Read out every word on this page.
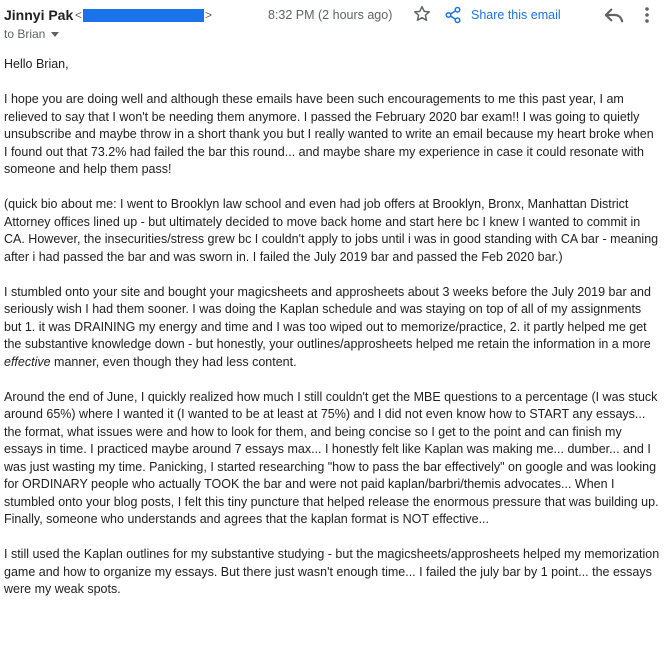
Jinnyi Pak <	>	8:32 PM (2 hours ago)	Share this email
to Brian

Hello Brian,

I hope you are doing well and although these emails have been such encouragements to me this past year, I am relieved to say that I won't be needing them anymore. I passed the February 2020 bar exam!! I was going to quietly unsubscribe and maybe throw in a short thank you but I really wanted to write an email because my heart broke when I found out that 73.2% had failed the bar this round... and maybe share my experience in case it could resonate with someone and help them pass!

(quick bio about me: I went to Brooklyn law school and even had job offers at Brooklyn, Bronx, Manhattan District Attorney offices lined up - but ultimately decided to move back home and start here bc I knew I wanted to commit in CA. However, the insecurities/stress grew bc I couldn't apply to jobs until i was in good standing with CA bar - meaning after i had passed the bar and was sworn in. I failed the July 2019 bar and passed the Feb 2020 bar.)

I stumbled onto your site and bought your magicsheets and approsheets about 3 weeks before the July 2019 bar and seriously wish I had them sooner. I was doing the Kaplan schedule and was staying on top of all of my assignments but 1. it was DRAINING my energy and time and I was too wiped out to memorize/practice, 2. it partly helped me get the substantive knowledge down - but honestly, your outlines/approsheets helped me retain the information in a more effective manner, even though they had less content.

Around the end of June, I quickly realized how much I still couldn't get the MBE questions to a percentage (I was stuck around 65%) where I wanted it (I wanted to be at least at 75%) and I did not even know how to START any essays... the format, what issues were and how to look for them, and being concise so I get to the point and can finish my essays in time. I practiced maybe around 7 essays max... I honestly felt like Kaplan was making me... dumber... and I was just wasting my time. Panicking, I started researching "how to pass the bar effectively" on google and was looking for ORDINARY people who actually TOOK the bar and were not paid kaplan/barbri/themis advocates... When I stumbled onto your blog posts, I felt this tiny puncture that helped release the enormous pressure that was building up. Finally, someone who understands and agrees that the kaplan format is NOT effective...

I still used the Kaplan outlines for my substantive studying - but the magicsheets/approsheets helped my memorization game and how to organize my essays. But there just wasn't enough time... I failed the july bar by 1 point... the essays were my weak spots.
